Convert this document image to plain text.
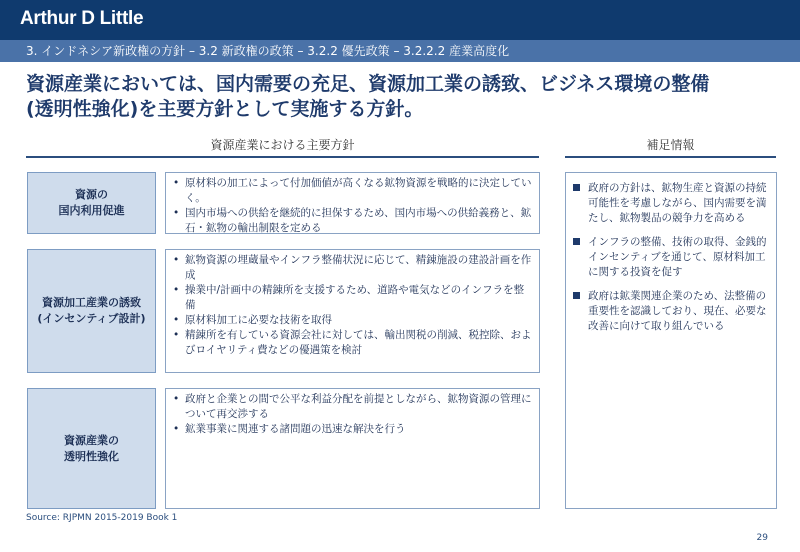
Arthur D Little
3. インドネシア新政権の方針 – 3.2 新政権の政策 – 3.2.2 優先政策 – 3.2.2.2 産業高度化
資源産業においては、国内需要の充足、資源加工業の誘致、ビジネス環境の整備
(透明性強化)を主要方針として実施する方針。
資源産業における主要方針	補足情報
資源の
国内利用促進
• 原材料の加工によって付加価値が高くなる鉱物資源を戦略的に決定していく。
• 国内市場への供給を継続的に担保するため、国内市場への供給義務と、鉱石・鉱物の輸出制限を定める
資源加工産業の誘致
(インセンティブ設計)
• 鉱物資源の埋蔵量やインフラ整備状況に応じて、精錬施設の建設計画を作成
• 操業中/計画中の精錬所を支援するため、道路や電気などのインフラを整備
• 原材料加工に必要な技術を取得
• 精錬所を有している資源会社に対しては、輸出関税の削減、税控除、およびロイヤリティ費などの優遇策を検討
資源産業の
透明性強化
• 政府と企業との間で公平な利益分配を前提としながら、鉱物資源の管理について再交渉する
• 鉱業事業に関連する諸問題の迅速な解決を行う
政府の方針は、鉱物生産と資源の持続可能性を考慮しながら、国内需要を満たし、鉱物製品の競争力を高める
インフラの整備、技術の取得、金銭的インセンティブを通じて、原材料加工に関する投資を促す
政府は鉱業関連企業のため、法整備の重要性を認識しており、現在、必要な改善に向けて取り組んでいる
Source: RJPMN 2015-2019 Book 1
29
